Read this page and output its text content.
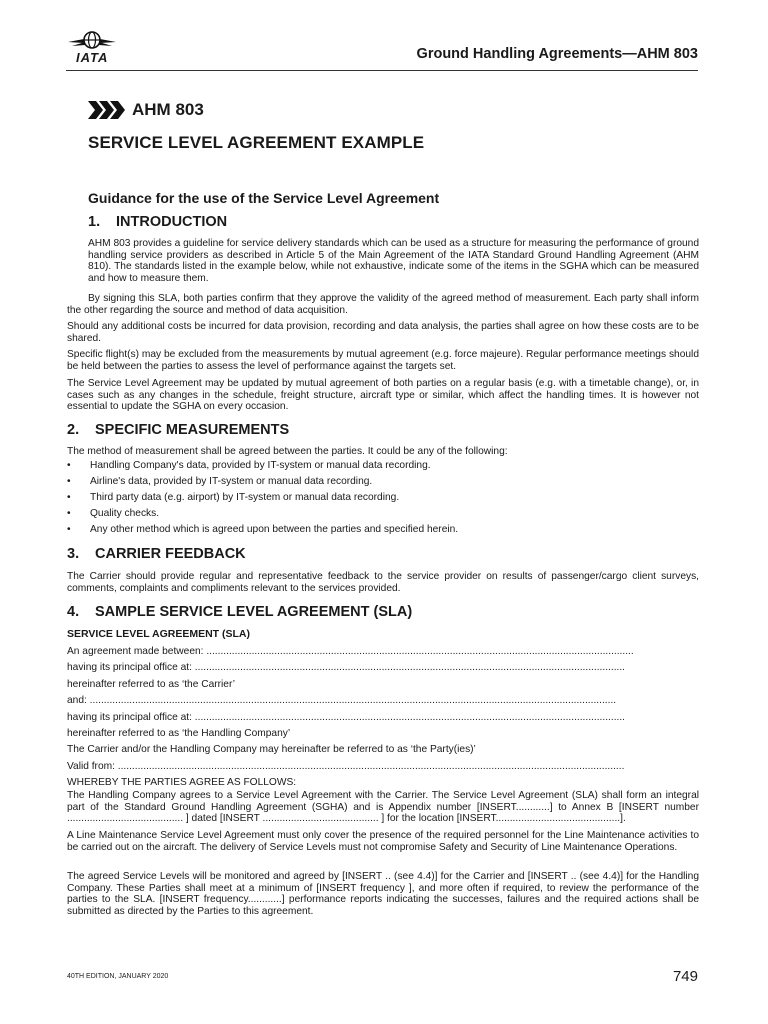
IATA	Ground Handling Agreements—AHM 803
AHM 803
SERVICE LEVEL AGREEMENT EXAMPLE
Guidance for the use of the Service Level Agreement
1. INTRODUCTION
AHM 803 provides a guideline for service delivery standards which can be used as a structure for measuring the performance of ground handling service providers as described in Article 5 of the Main Agreement of the IATA Standard Ground Handling Agreement (AHM 810). The standards listed in the example below, while not exhaustive, indicate some of the items in the SGHA which can be measured and how to measure them.
By signing this SLA, both parties confirm that they approve the validity of the agreed method of measurement. Each party shall inform the other regarding the source and method of data acquisition.
Should any additional costs be incurred for data provision, recording and data analysis, the parties shall agree on how these costs are to be shared.
Specific flight(s) may be excluded from the measurements by mutual agreement (e.g. force majeure). Regular performance meetings should be held between the parties to assess the level of performance against the targets set.
The Service Level Agreement may be updated by mutual agreement of both parties on a regular basis (e.g. with a timetable change), or, in cases such as any changes in the schedule, freight structure, aircraft type or similar, which affect the handling times. It is however not essential to update the SGHA on every occasion.
2. SPECIFIC MEASUREMENTS
The method of measurement shall be agreed between the parties. It could be any of the following:
• Handling Company's data, provided by IT-system or manual data recording.
• Airline's data, provided by IT-system or manual data recording.
• Third party data (e.g. airport) by IT-system or manual data recording.
• Quality checks.
• Any other method which is agreed upon between the parties and specified herein.
3. CARRIER FEEDBACK
The Carrier should provide regular and representative feedback to the service provider on results of passenger/cargo client surveys, comments, complaints and compliments relevant to the services provided.
4. SAMPLE SERVICE LEVEL AGREEMENT (SLA)
SERVICE LEVEL AGREEMENT (SLA)
An agreement made between: .......................................................................................................................................................
having its principal office at: ........................................................................................................................................................
hereinafter referred to as ‘the Carrier’
and: ..........................................................................................................................................................................................
having its principal office at: ........................................................................................................................................................
hereinafter referred to as ‘the Handling Company’
The Carrier and/or the Handling Company may hereinafter be referred to as ‘the Party(ies)’
Valid from: ...................................................................................................................................................................................
WHEREBY THE PARTIES AGREE AS FOLLOWS:
The Handling Company agrees to a Service Level Agreement with the Carrier. The Service Level Agreement (SLA) shall form an integral part of the Standard Ground Handling Agreement (SGHA) and is Appendix number [INSERT............] to Annex B [INSERT number ......................................... ] dated [INSERT ......................................... ] for the location [INSERT............................................].
A Line Maintenance Service Level Agreement must only cover the presence of the required personnel for the Line Maintenance activities to be carried out on the aircraft. The delivery of Service Levels must not compromise Safety and Security of Line Maintenance Operations.
The agreed Service Levels will be monitored and agreed by [INSERT .. (see 4.4)] for the Carrier and [INSERT .. (see 4.4)] for the Handling Company. These Parties shall meet at a minimum of [INSERT frequency ], and more often if required, to review the performance of the parties to the SLA. [INSERT frequency............] performance reports indicating the successes, failures and the required actions shall be submitted as directed by the Parties to this agreement.
40TH EDITION, JANUARY 2020	749
